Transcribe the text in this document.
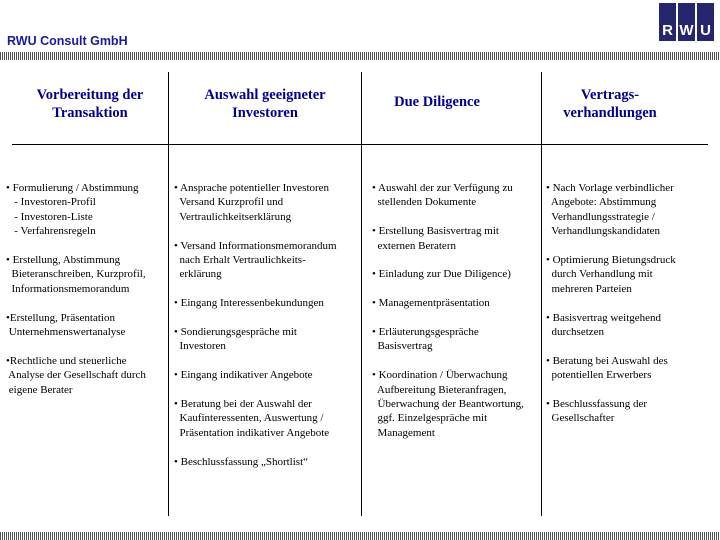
RWU Consult GmbH
R W U
Vorbereitung der
Transaktion
Auswahl geeigneter
Investoren
Due Diligence	Vertrags-
verhandlungen
• Formulierung / Abstimmung
- Investoren-Profil
- Investoren-Liste
- Verfahrensregeln
• Erstellung, Abstimmung
Bieteranschreiben, Kurzprofil,
Informationsmemorandum
•Erstellung, Präsentation
Unternehmenswertanalyse
•Rechtliche und steuerliche
Analyse der Gesellschaft durch
eigene Berater
• Ansprache potentieller Investoren
Versand Kurzprofil und
Vertraulichkeitserklärung
• Versand Informationsmemorandum
nach Erhalt Vertraulichkeits-
erklärung
• Eingang Interessenbekundungen
• Sondierungsgespräche mit
Investoren
• Eingang indikativer Angebote
• Beratung bei der Auswahl der
Kaufinteressenten, Auswertung /
Präsentation indikativer Angebote
• Beschlussfassung „Shortlist“
• Auswahl der zur Verfügung zu
stellenden Dokumente
• Erstellung Basisvertrag mit
externen Beratern
• Einladung zur Due Diligence)
• Managementpräsentation
• Erläuterungsgespräche
Basisvertrag
• Koordination / Überwachung
Aufbereitung Bieteranfragen,
Überwachung der Beantwortung,
ggf. Einzelgespräche mit
Management
• Nach Vorlage verbindlicher
Angebote: Abstimmung
Verhandlungsstrategie /
Verhandlungskandidaten
• Optimierung Bietungsdruck
durch Verhandlung mit
mehreren Parteien
• Basisvertrag weitgehend
durchsetzen
• Beratung bei Auswahl des
potentiellen Erwerbers
• Beschlussfassung der
Gesellschafter
